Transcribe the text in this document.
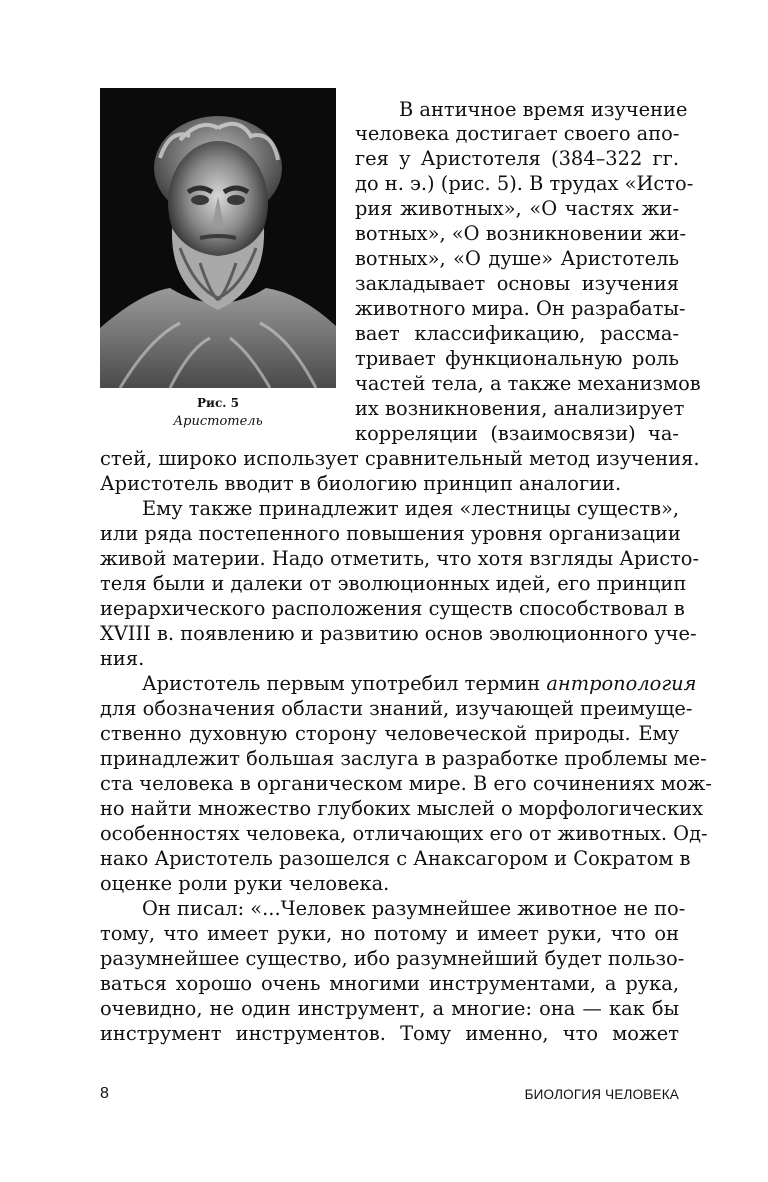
Рис. 5
Аристотель
В античное время изучение
человека достигает своего апо-
гея у Аристотеля (384–322 гг.
до н. э.) (рис. 5). В трудах «Исто-
рия животных», «О частях жи-
вотных», «О возникновении жи-
вотных», «О душе» Аристотель
закладывает основы изучения
животного мира. Он разрабаты-
вает классификацию, рассма-
тривает функциональную роль
частей тела, а также механизмов
их возникновения, анализирует
корреляции (взаимосвязи) ча-
стей, широко использует сравнительный метод изучения.
Аристотель вводит в биологию принцип аналогии.
Ему также принадлежит идея «лестницы существ»,
или ряда постепенного повышения уровня организации
живой материи. Надо отметить, что хотя взгляды Аристо-
теля были и далеки от эволюционных идей, его принцип
иерархического расположения существ способствовал в
XVIII в. появлению и развитию основ эволюционного уче-
ния.
Аристотель первым употребил термин антропология
для обозначения области знаний, изучающей преимуще-
ственно духовную сторону человеческой природы. Ему
принадлежит большая заслуга в разработке проблемы ме-
ста человека в органическом мире. В его сочинениях мож-
но найти множество глубоких мыслей о морфологических
особенностях человека, отличающих его от животных. Од-
нако Аристотель разошелся с Анаксагором и Сократом в
оценке роли руки человека.
Он писал: «...Человек разумнейшее животное не по-
тому, что имеет руки, но потому и имеет руки, что он
разумнейшее существо, ибо разумнейший будет пользо-
ваться хорошо очень многими инструментами, а рука,
очевидно, не один инструмент, а многие: она — как бы
инструмент инструментов. Тому именно, что может
8	БИОЛОГИЯ ЧЕЛОВЕКА
